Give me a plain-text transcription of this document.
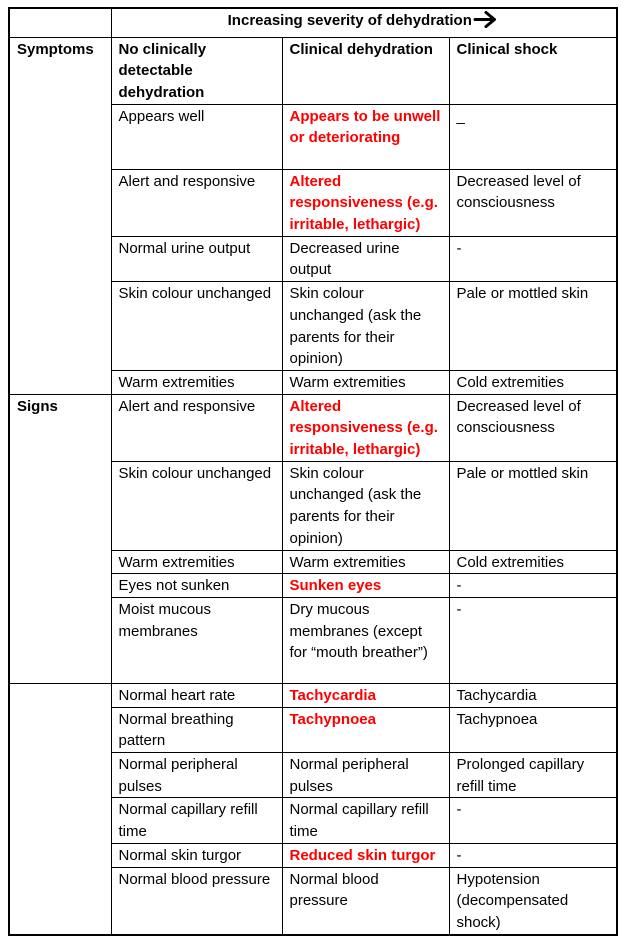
	Increasing severity of dehydration		
Symptoms	No clinically detectable dehydration	Clinical dehydration	Clinical shock
	Appears well	Appears to be unwell or deteriorating	_
	Alert and responsive	Altered responsiveness (e.g. irritable, lethargic)	Decreased level of consciousness
	Normal urine output	Decreased urine output	-
	Skin colour unchanged	Skin colour unchanged (ask the parents for their opinion)	Pale or mottled skin
	Warm extremities	Warm extremities	Cold extremities
Signs	Alert and responsive	Altered responsiveness (e.g. irritable, lethargic)	Decreased level of consciousness
	Skin colour unchanged	Skin colour unchanged (ask the parents for their opinion)	Pale or mottled skin
	Warm extremities	Warm extremities	Cold extremities
	Eyes not sunken	Sunken eyes	-
	Moist mucous membranes	Dry mucous membranes (except for “mouth breather”)	-
	Normal heart rate	Tachycardia	Tachycardia
	Normal breathing pattern	Tachypnoea	Tachypnoea
	Normal peripheral pulses	Normal peripheral pulses	Prolonged capillary refill time
	Normal capillary refill time	Normal capillary refill time	-
	Normal skin turgor	Reduced skin turgor	-
	Normal blood pressure	Normal blood pressure	Hypotension (decompensated shock)
